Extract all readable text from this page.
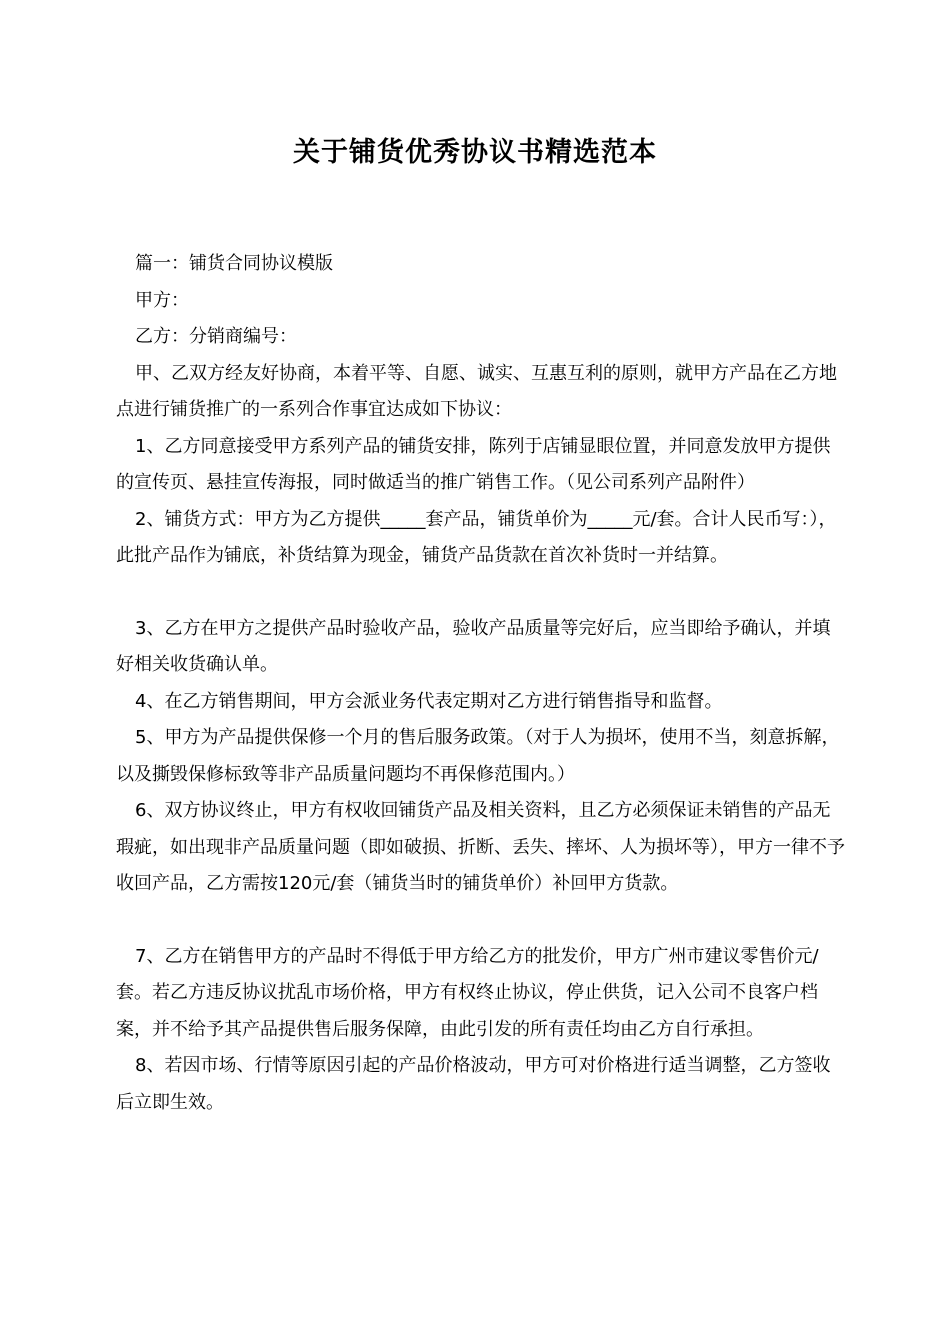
关于铺货优秀协议书精选范本

篇一：铺货合同协议模版

甲方：

乙方：分销商编号：

甲、乙双方经友好协商，本着平等、自愿、诚实、互惠互利的原则，就甲方产品在乙方地点进行铺货推广的一系列合作事宜达成如下协议：

1、乙方同意接受甲方系列产品的铺货安排，陈列于店铺显眼位置，并同意发放甲方提供的宣传页、悬挂宣传海报，同时做适当的推广销售工作。（见公司系列产品附件）

2、铺货方式：甲方为乙方提供_____套产品，铺货单价为_____元/套。合计人民币写：），此批产品作为铺底，补货结算为现金，铺货产品货款在首次补货时一并结算。

3、乙方在甲方之提供产品时验收产品，验收产品质量等完好后，应当即给予确认，并填好相关收货确认单。

4、在乙方销售期间，甲方会派业务代表定期对乙方进行销售指导和监督。

5、甲方为产品提供保修一个月的售后服务政策。（对于人为损坏，使用不当，刻意拆解，以及撕毁保修标致等非产品质量问题均不再保修范围内。）

6、双方协议终止，甲方有权收回铺货产品及相关资料，且乙方必须保证未销售的产品无瑕疵，如出现非产品质量问题（即如破损、折断、丢失、摔坏、人为损坏等），甲方一律不予收回产品，乙方需按120元/套（铺货当时的铺货单价）补回甲方货款。

7、乙方在销售甲方的产品时不得低于甲方给乙方的批发价，甲方广州市建议零售价元/套。若乙方违反协议扰乱市场价格，甲方有权终止协议，停止供货，记入公司不良客户档案，并不给予其产品提供售后服务保障，由此引发的所有责任均由乙方自行承担。

8、若因市场、行情等原因引起的产品价格波动，甲方可对价格进行适当调整，乙方签收后立即生效。
